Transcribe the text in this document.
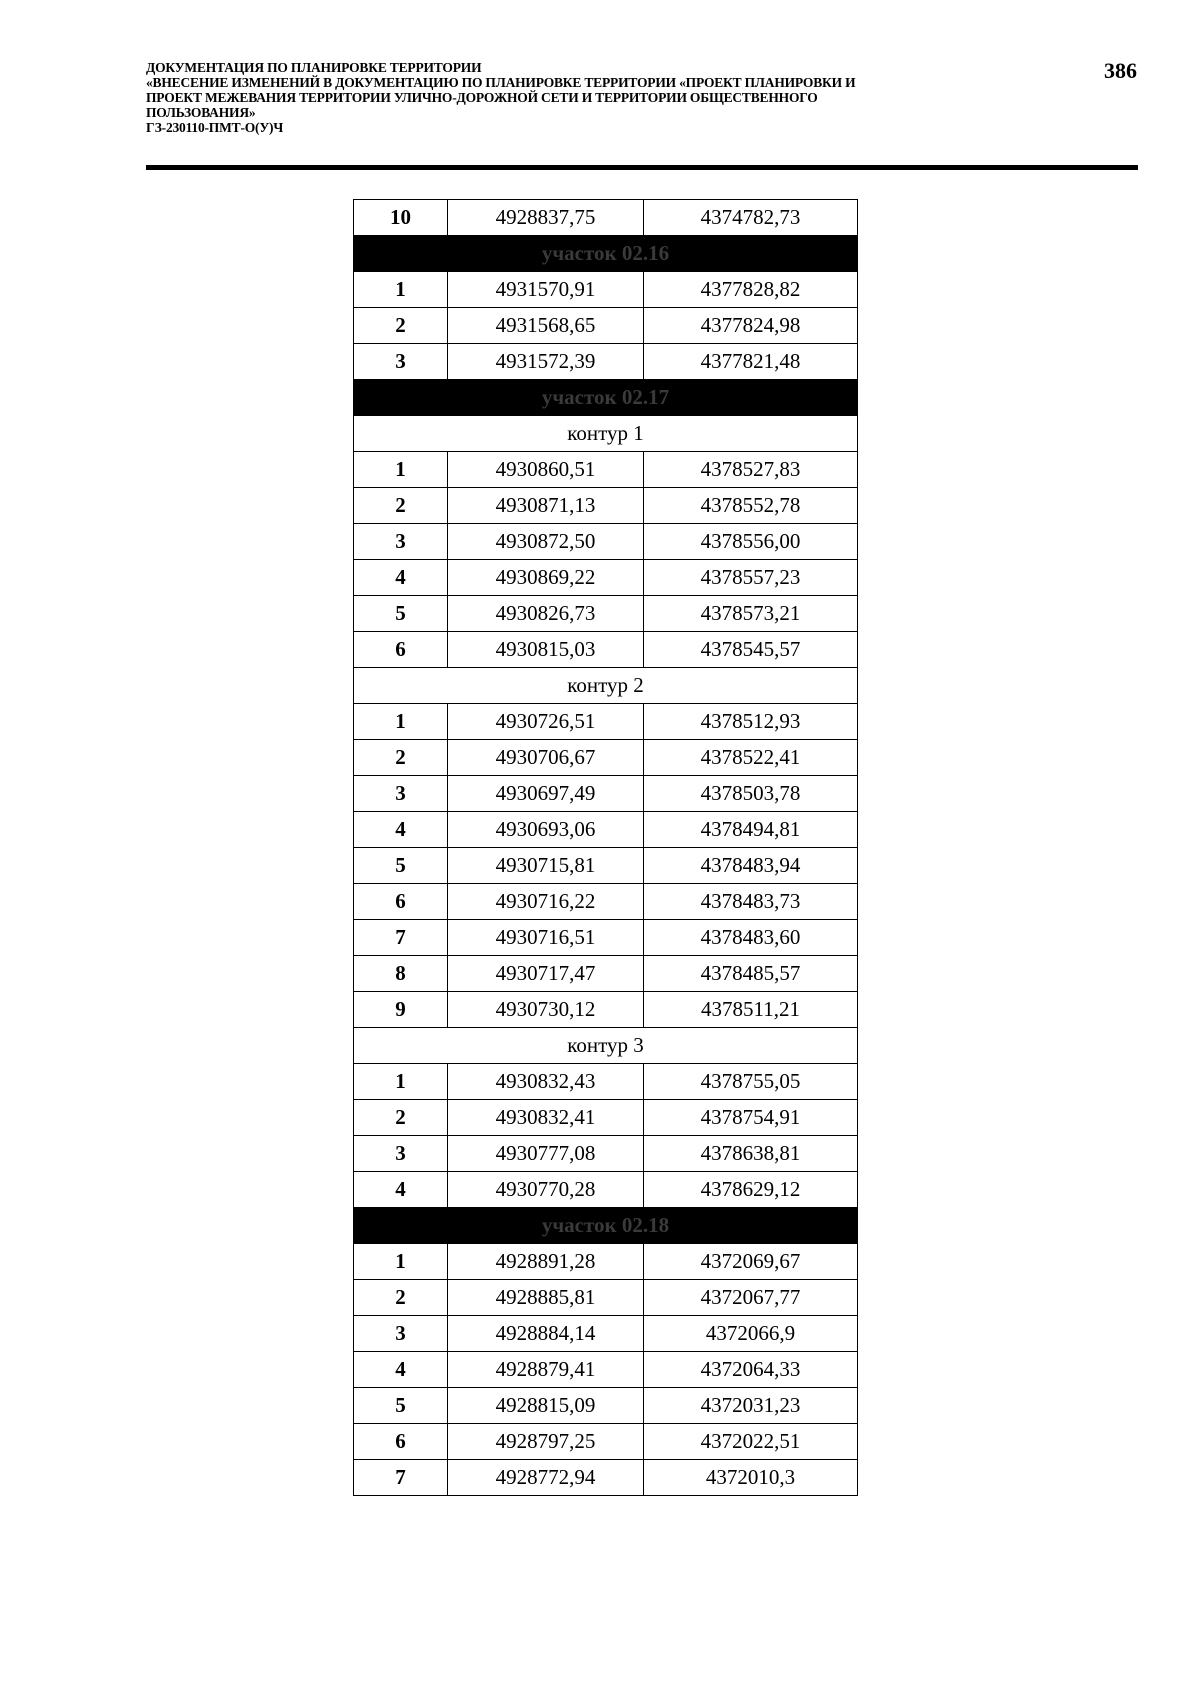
ДОКУМЕНТАЦИЯ ПО ПЛАНИРОВКЕ ТЕРРИТОРИИ
«ВНЕСЕНИЕ ИЗМЕНЕНИЙ В ДОКУМЕНТАЦИЮ ПО ПЛАНИРОВКЕ ТЕРРИТОРИИ «ПРОЕКТ ПЛАНИРОВКИ И
ПРОЕКТ МЕЖЕВАНИЯ ТЕРРИТОРИИ УЛИЧНО-ДОРОЖНОЙ СЕТИ И ТЕРРИТОРИИ ОБЩЕСТВЕННОГО
ПОЛЬЗОВАНИЯ»
ГЗ-230110-ПМТ-О(У)Ч
386
10	4928837,75	4374782,73
участок 02.16		
1	4931570,91	4377828,82
2	4931568,65	4377824,98
3	4931572,39	4377821,48
участок 02.17		
контур 1		
1	4930860,51	4378527,83
2	4930871,13	4378552,78
3	4930872,50	4378556,00
4	4930869,22	4378557,23
5	4930826,73	4378573,21
6	4930815,03	4378545,57
контур 2		
1	4930726,51	4378512,93
2	4930706,67	4378522,41
3	4930697,49	4378503,78
4	4930693,06	4378494,81
5	4930715,81	4378483,94
6	4930716,22	4378483,73
7	4930716,51	4378483,60
8	4930717,47	4378485,57
9	4930730,12	4378511,21
контур 3		
1	4930832,43	4378755,05
2	4930832,41	4378754,91
3	4930777,08	4378638,81
4	4930770,28	4378629,12
участок 02.18		
1	4928891,28	4372069,67
2	4928885,81	4372067,77
3	4928884,14	4372066,9
4	4928879,41	4372064,33
5	4928815,09	4372031,23
6	4928797,25	4372022,51
7	4928772,94	4372010,3
